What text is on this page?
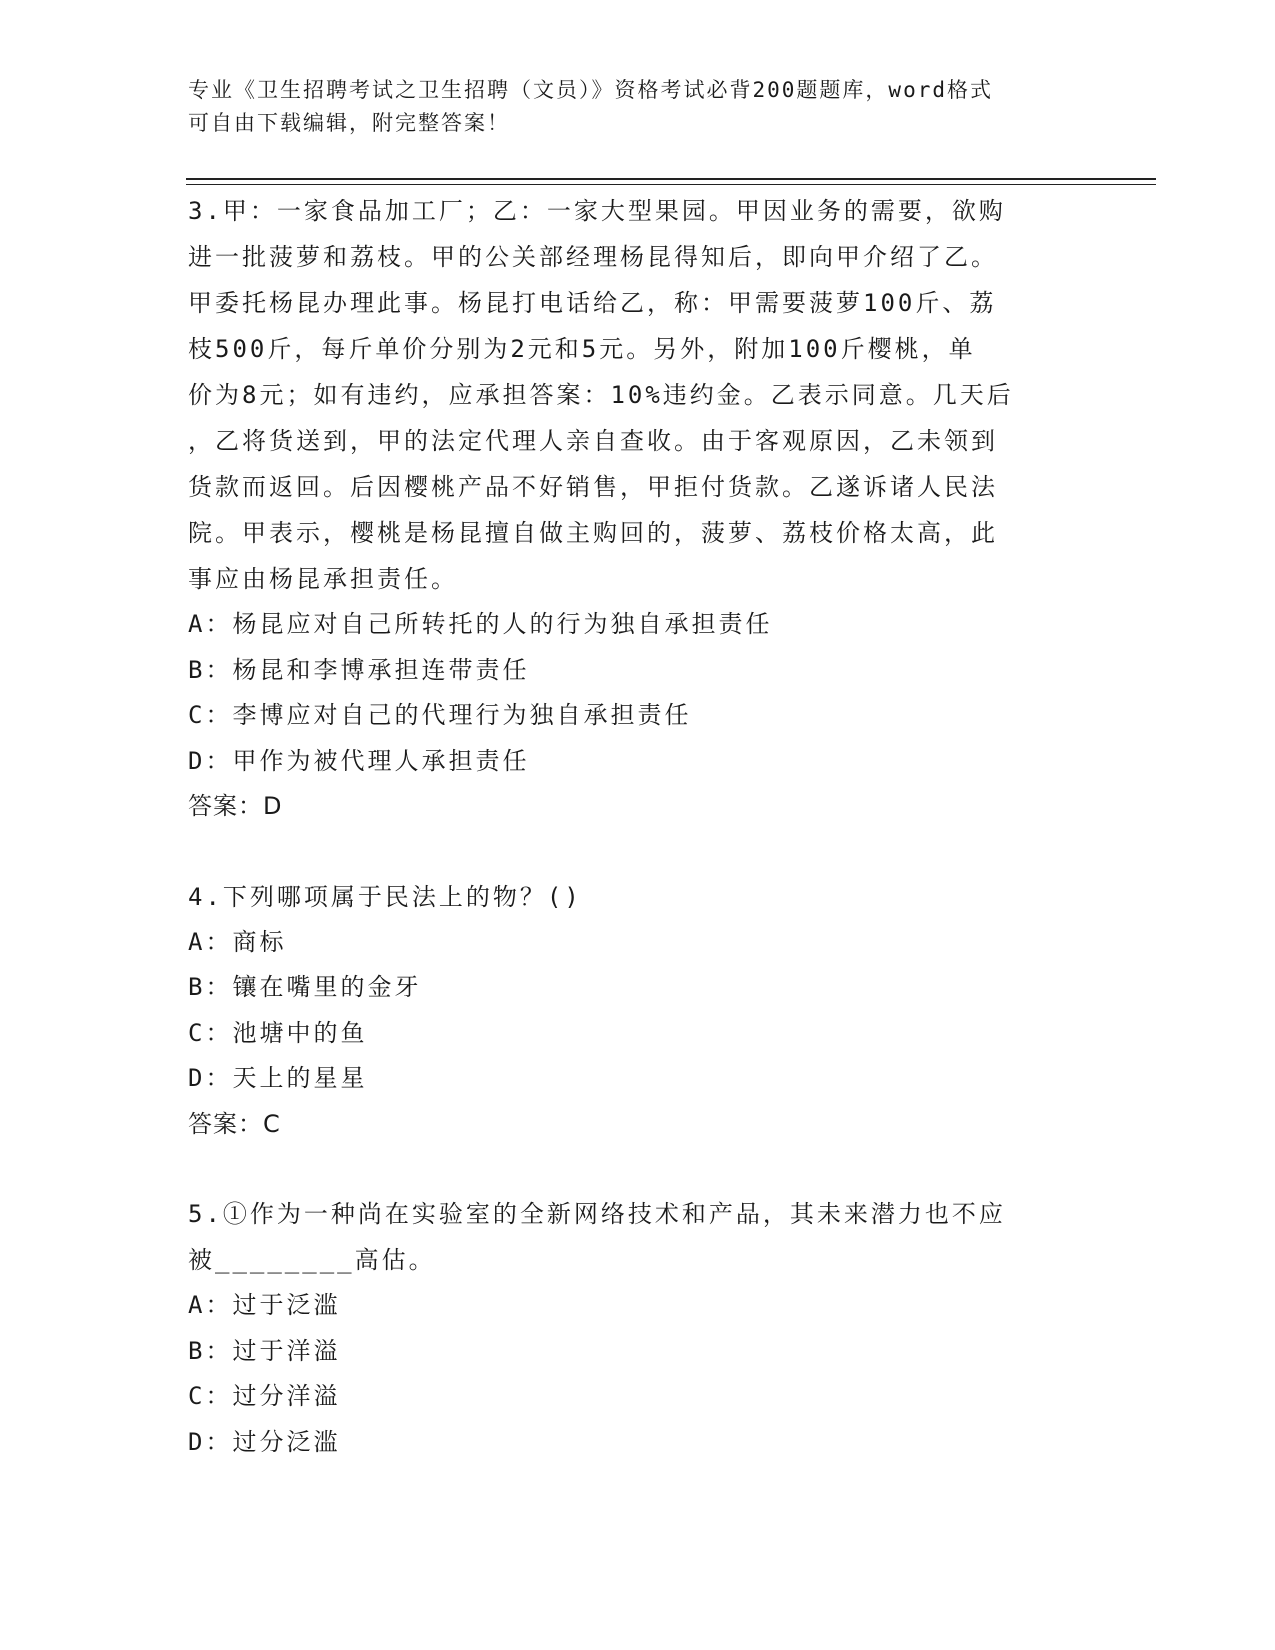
专业《卫生招聘考试之卫生招聘（文员）》资格考试必背200题题库，word格式
可自由下载编辑，附完整答案！
3.甲：一家食品加工厂；乙：一家大型果园。甲因业务的需要，欲购
进一批菠萝和荔枝。甲的公关部经理杨昆得知后，即向甲介绍了乙。
甲委托杨昆办理此事。杨昆打电话给乙，称：甲需要菠萝100斤、荔
枝500斤，每斤单价分别为2元和5元。另外，附加100斤樱桃，单
价为8元；如有违约，应承担答案：10%违约金。乙表示同意。几天后
，乙将货送到，甲的法定代理人亲自查收。由于客观原因，乙未领到
货款而返回。后因樱桃产品不好销售，甲拒付货款。乙遂诉诸人民法
院。甲表示，樱桃是杨昆擅自做主购回的，菠萝、荔枝价格太高，此
事应由杨昆承担责任。
A：杨昆应对自己所转托的人的行为独自承担责任
B：杨昆和李博承担连带责任
C：李博应对自己的代理行为独自承担责任
D：甲作为被代理人承担责任
答案：D
4.下列哪项属于民法上的物？()
A：商标
B：镶在嘴里的金牙
C：池塘中的鱼
D：天上的星星
答案：C
5.①作为一种尚在实验室的全新网络技术和产品，其未来潜力也不应
被________高估。
A：过于泛滥
B：过于洋溢
C：过分洋溢
D：过分泛滥
